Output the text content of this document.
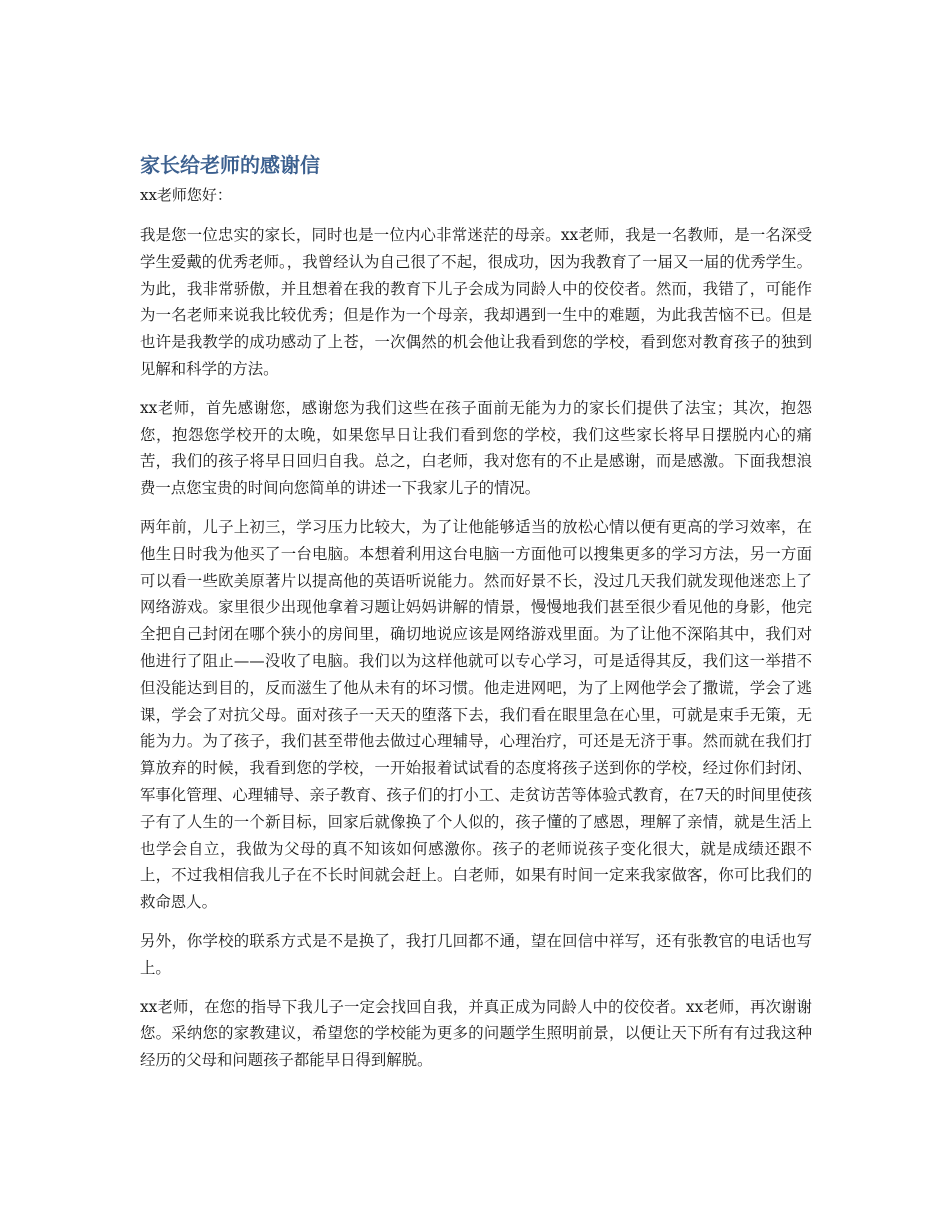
家长给老师的感谢信
xx老师您好：

我是您一位忠实的家长，同时也是一位内心非常迷茫的母亲。xx老师，我是一名教师，是一名深受学生爱戴的优秀老师。，我曾经认为自己很了不起，很成功，因为我教育了一届又一届的优秀学生。为此，我非常骄傲，并且想着在我的教育下儿子会成为同龄人中的佼佼者。然而，我错了，可能作为一名老师来说我比较优秀；但是作为一个母亲，我却遇到一生中的难题，为此我苦恼不已。但是也许是我教学的成功感动了上苍，一次偶然的机会他让我看到您的学校，看到您对教育孩子的独到见解和科学的方法。

xx老师，首先感谢您，感谢您为我们这些在孩子面前无能为力的家长们提供了法宝；其次，抱怨您，抱怨您学校开的太晚，如果您早日让我们看到您的学校，我们这些家长将早日摆脱内心的痛苦，我们的孩子将早日回归自我。总之，白老师，我对您有的不止是感谢，而是感激。下面我想浪费一点您宝贵的时间向您简单的讲述一下我家儿子的情况。

两年前，儿子上初三，学习压力比较大，为了让他能够适当的放松心情以便有更高的学习效率，在他生日时我为他买了一台电脑。本想着利用这台电脑一方面他可以搜集更多的学习方法，另一方面可以看一些欧美原著片以提高他的英语听说能力。然而好景不长，没过几天我们就发现他迷恋上了网络游戏。家里很少出现他拿着习题让妈妈讲解的情景，慢慢地我们甚至很少看见他的身影，他完全把自己封闭在哪个狭小的房间里，确切地说应该是网络游戏里面。为了让他不深陷其中，我们对他进行了阻止——没收了电脑。我们以为这样他就可以专心学习，可是适得其反，我们这一举措不但没能达到目的，反而滋生了他从未有的坏习惯。他走进网吧，为了上网他学会了撒谎，学会了逃课，学会了对抗父母。面对孩子一天天的堕落下去，我们看在眼里急在心里，可就是束手无策，无能为力。为了孩子，我们甚至带他去做过心理辅导，心理治疗，可还是无济于事。然而就在我们打算放弃的时候，我看到您的学校，一开始报着试试看的态度将孩子送到你的学校，经过你们封闭、军事化管理、心理辅导、亲子教育、孩子们的打小工、走贫访苦等体验式教育，在7天的时间里使孩子有了人生的一个新目标，回家后就像换了个人似的，孩子懂的了感恩，理解了亲情，就是生活上也学会自立，我做为父母的真不知该如何感激你。孩子的老师说孩子变化很大，就是成绩还跟不上，不过我相信我儿子在不长时间就会赶上。白老师，如果有时间一定来我家做客，你可比我们的救命恩人。

另外，你学校的联系方式是不是换了，我打几回都不通，望在回信中祥写，还有张教官的电话也写上。

xx老师，在您的指导下我儿子一定会找回自我，并真正成为同龄人中的佼佼者。xx老师，再次谢谢您。采纳您的家教建议，希望您的学校能为更多的问题学生照明前景，以便让天下所有有过我这种经历的父母和问题孩子都能早日得到解脱。
